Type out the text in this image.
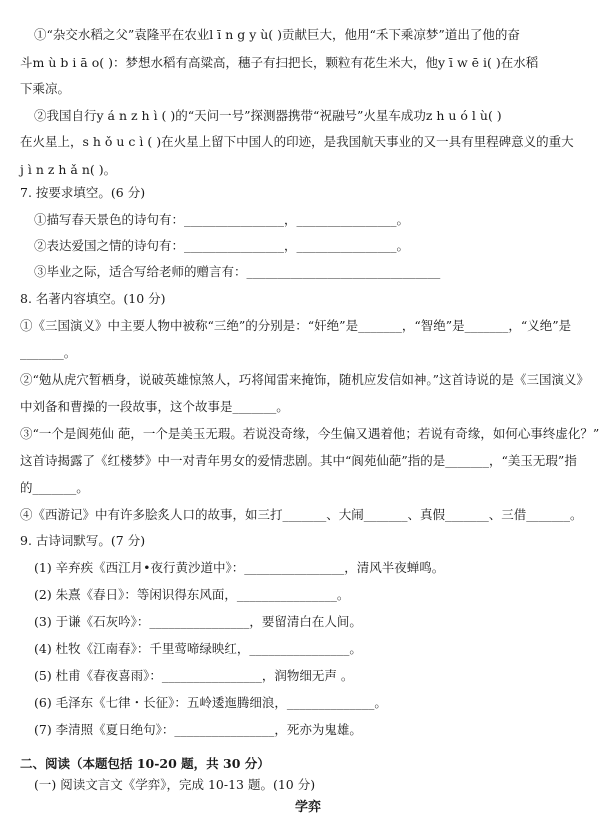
①“杂交水稻之父”袁隆平在农业l ī n g y ù( )贡献巨大，他用“禾下乘凉梦”道出了他的奋
斗m ù b i ā o( )：梦想水稻有高粱高，穗子有扫把长，颗粒有花生米大，他y ī w ē i( )在水稻
下乘凉。
②我国自行y á n z h ì ( )的“天问一号”探测器携带“祝融号”火星车成功z h u ó l ù( )
在火星上，s h ǒ u c ì ( )在火星上留下中国人的印迹，是我国航天事业的又一具有里程碑意义的重大
j ì n z h ǎ n( )。
7. 按要求填空。(6 分)
①描写春天景色的诗句有：________________，________________。
②表达爱国之情的诗句有：________________，________________。
③毕业之际，适合写给老师的赠言有：_______________________________
8. 名著内容填空。(10 分)
①《三国演义》中主要人物中被称“三绝”的分别是：“奸绝”是_______，“智绝”是_______，“义绝”是
_______。
②“勉从虎穴暂栖身，说破英雄惊煞人，巧将闻雷来掩饰，随机应发信如神。”这首诗说的是《三国演义》
中刘备和曹操的一段故事，这个故事是_______。
③“一个是阆苑仙 葩，一个是美玉无瑕。若说没奇缘，今生偏又遇着他；若说有奇缘，如何心事终虚化？”
这首诗揭露了《红楼梦》中一对青年男女的爱情悲剧。其中“阆苑仙葩”指的是_______，“美玉无瑕”指
的_______。
④《西游记》中有许多脍炙人口的故事，如三打_______、大闹_______、真假_______、三借_______。
9. 古诗词默写。(7 分)
(1) 辛弃疾《西江月•夜行黄沙道中》：________________，清风半夜蝉鸣。
(2) 朱熹《春日》：等闲识得东风面，________________。
(3) 于谦《石灰吟》：________________，要留清白在人间。
(4) 杜牧《江南春》：千里莺啼绿映红，________________。
(5) 杜甫《春夜喜雨》：________________，润物细无声 。
(6) 毛泽东《七律・长征》：五岭逶迤腾细浪，______________。
(7) 李清照《夏日绝句》：________________，死亦为鬼雄。
二、阅读（本题包括 10-20 题，共 30 分）
(一) 阅读文言文《学弈》，完成 10-13 题。(10 分)
学弈
